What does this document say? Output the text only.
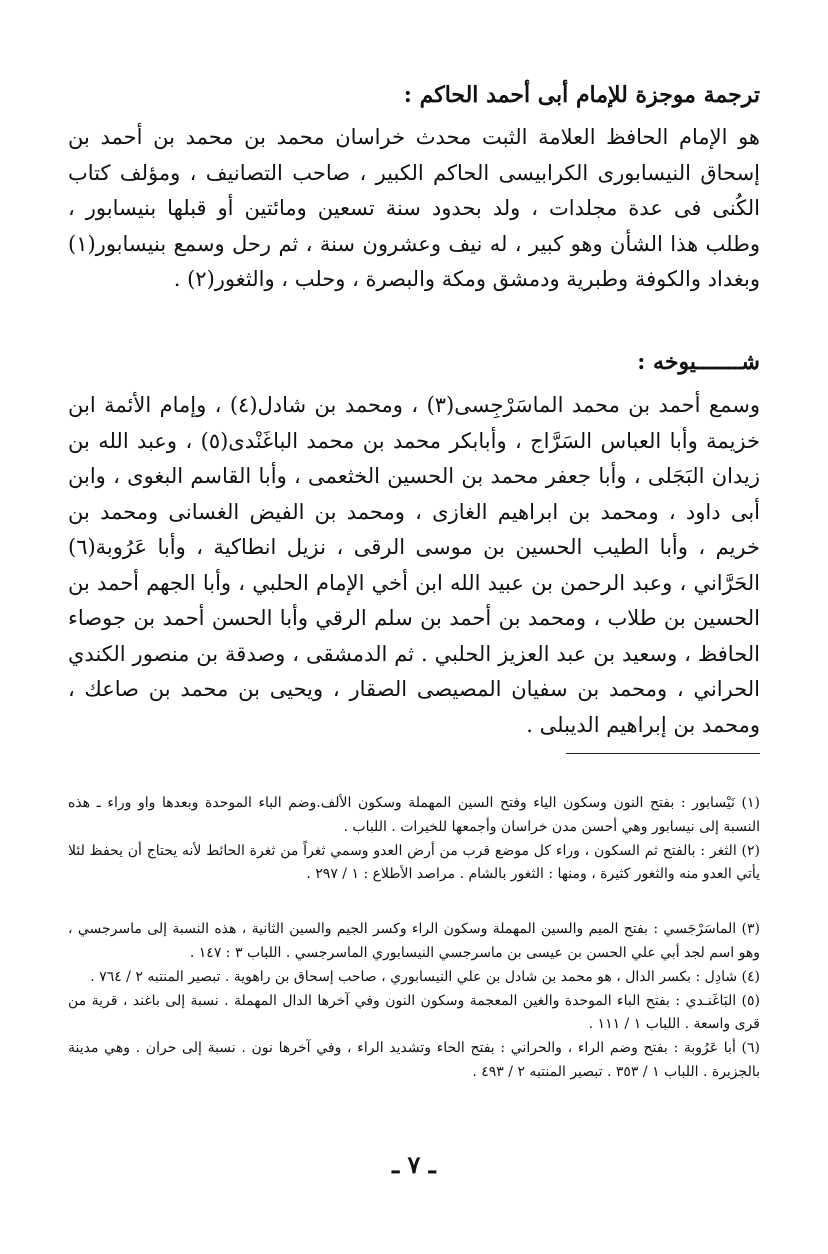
ترجمة موجزة للإمام أبى أحمد الحاكم :
هو الإمام الحافظ العلامة الثبت محدث خراسان محمد بن محمد بن أحمد بن إسحاق النيسابورى الكرابيسى الحاكم الكبير ، صاحب التصانيف ، ومؤلف كتاب الكُنى فى عدة مجلدات ، ولد بحدود سنة تسعين ومائتين أو قبلها بنيسابور ، وطلب هذا الشأن وهو كبير ، له نيف وعشرون سنة ، ثم رحل وسمع بنيسابور(١) وبغداد والكوفة وطبرية ودمشق ومكة والبصرة ، وحلب ، والثغور(٢) .
شـــــــيوخه :
وسمع أحمد بن محمد الماسَرْجِسى(٣) ، ومحمد بن شادل(٤) ، وإمام الأئمة ابن خزيمة وأبا العباس السَرَّاج ، وأبابكر محمد بن محمد الباغَنْدى(٥) ، وعبد الله بن زيدان البَجَلى ، وأبا جعفر محمد بن الحسين الخثعمى ، وأبا القاسم البغوى ، وابن أبى داود ، ومحمد بن ابراهيم الغازى ، ومحمد بن الفيض الغسانى ومحمد بن خريم ، وأبا الطيب الحسين بن موسى الرقى ، نزيل انطاكية ، وأبا عَرُوبة(٦) الحَرَّاني ، وعبد الرحمن بن عبيد الله ابن أخي الإمام الحلبي ، وأبا الجهم أحمد بن الحسين بن طلاب ، ومحمد بن أحمد بن سلم الرقي وأبا الحسن أحمد بن جوصاء الحافظ ، وسعيد بن عبد العزيز الحلبي . ثم الدمشقى ، وصدقة بن منصور الكندي الحراني ، ومحمد بن سفيان المصيصى الصقار ، ويحيى بن محمد بن صاعك ، ومحمد بن إبراهيم الديبلى .

(١) نَيْسابور : بفتح النون وسكون الياء وفتح السين المهملة وسكون الألف.وضم الباء الموحدة وبعدها واو وراء ـ هذه النسبة إلى نيسابور وهي أحسن مدن خراسان وأجمعها للخيرات . اللباب .

(٢) الثغر : بالفتح ثم السكون ، وراء كل موضع قرب من أرض العدو وسمي ثغراً من ثغرة الحائط لأنه يحتاج أن يحفظ لئلا يأتي العدو منه والثغور كثيرة ، ومنها : الثغور بالشام . مراصد الأطلاع : ١ / ٢٩٧ .

(٣) الماسَرْجَسي : بفتح الميم والسين المهملة وسكون الراء وكسر الجيم والسين الثانية ، هذه النسبة إلى ماسرجسي ، وهو اسم لجد أبي علي الحسن بن عيسى بن ماسرجسي النيسابوري الماسرجسي . اللباب ٣ : ١٤٧ .

(٤) شادِل : بكسر الدال ، هو محمد بن شادل بن علي النيسابوري ، صاحب إسحاق بن راهوية . تبصير المنتبه ٢ / ٧٦٤ .

(٥) البَاغَنـدي : بفتح الباء الموحدة والغين المعجمة وسكون النون وفي آخرها الدال المهملة . نسبة إلى باغند ، قرية من قرى واسعة . اللباب ١ / ١١١ .

(٦) أبا عَرُوبة : بفتح وضم الراء ، والحراني : بفتح الحاء وتشديد الراء ، وفي آخرها نون . نسبة إلى حران . وهي مدينة بالجزيرة . اللباب ١ / ٣٥٣ . تبصير المنتبه ٢ / ٤٩٣ .

ـ ٧ ـ
